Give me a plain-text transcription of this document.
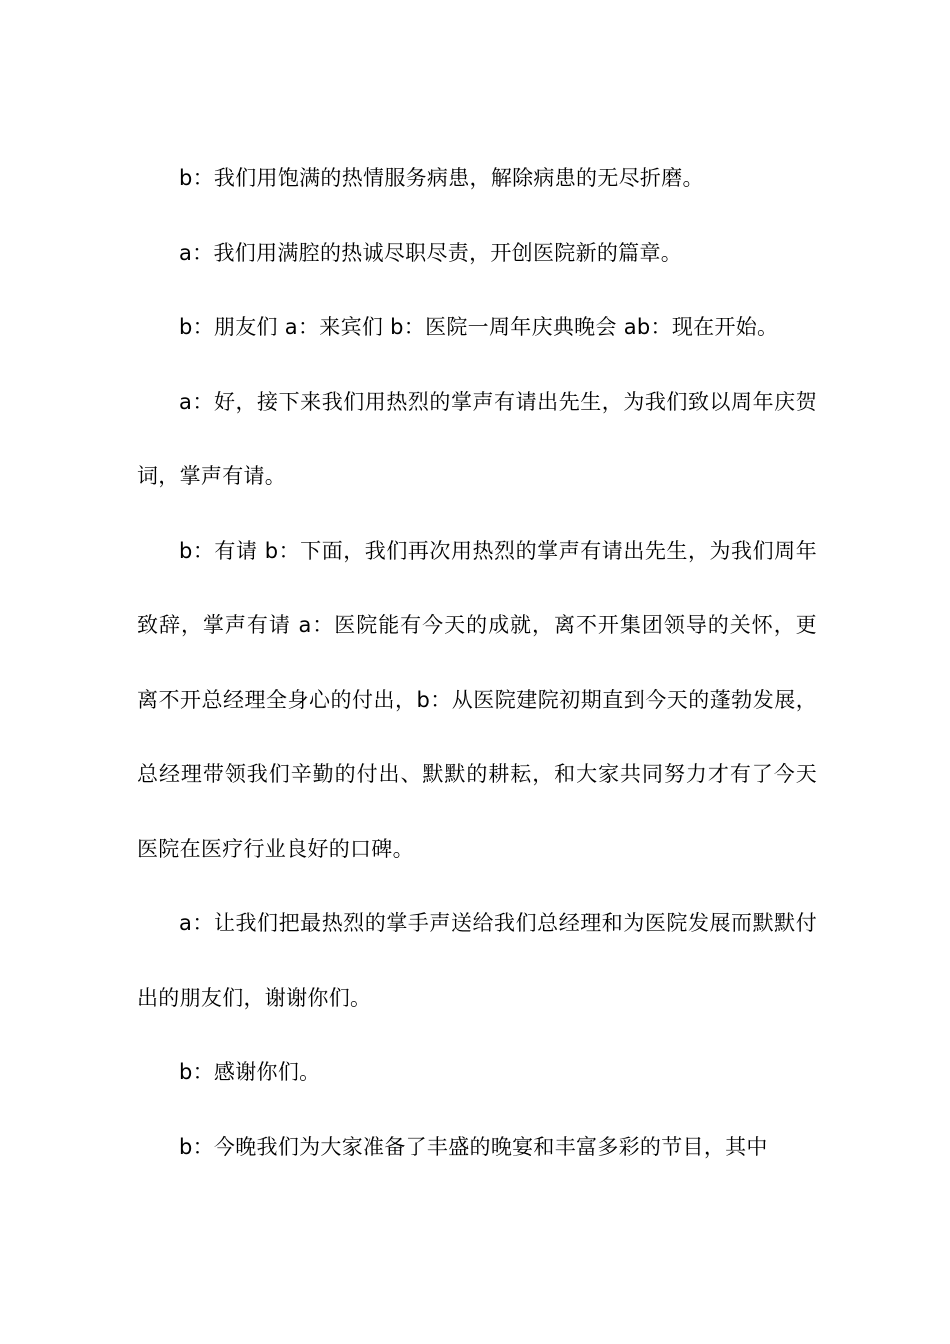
b：我们用饱满的热情服务病患，解除病患的无尽折磨。

a：我们用满腔的热诚尽职尽责，开创医院新的篇章。

b：朋友们 a：来宾们 b：医院一周年庆典晚会 ab：现在开始。

a：好，接下来我们用热烈的掌声有请出先生，为我们致以周年庆贺词，掌声有请。

b：有请 b：下面，我们再次用热烈的掌声有请出先生，为我们周年致辞，掌声有请 a：医院能有今天的成就，离不开集团领导的关怀，更离不开总经理全身心的付出，b：从医院建院初期直到今天的蓬勃发展，总经理带领我们辛勤的付出、默默的耕耘，和大家共同努力才有了今天医院在医疗行业良好的口碑。

a：让我们把最热烈的掌手声送给我们总经理和为医院发展而默默付出的朋友们，谢谢你们。

b：感谢你们。

b：今晚我们为大家准备了丰盛的晚宴和丰富多彩的节目，其中
